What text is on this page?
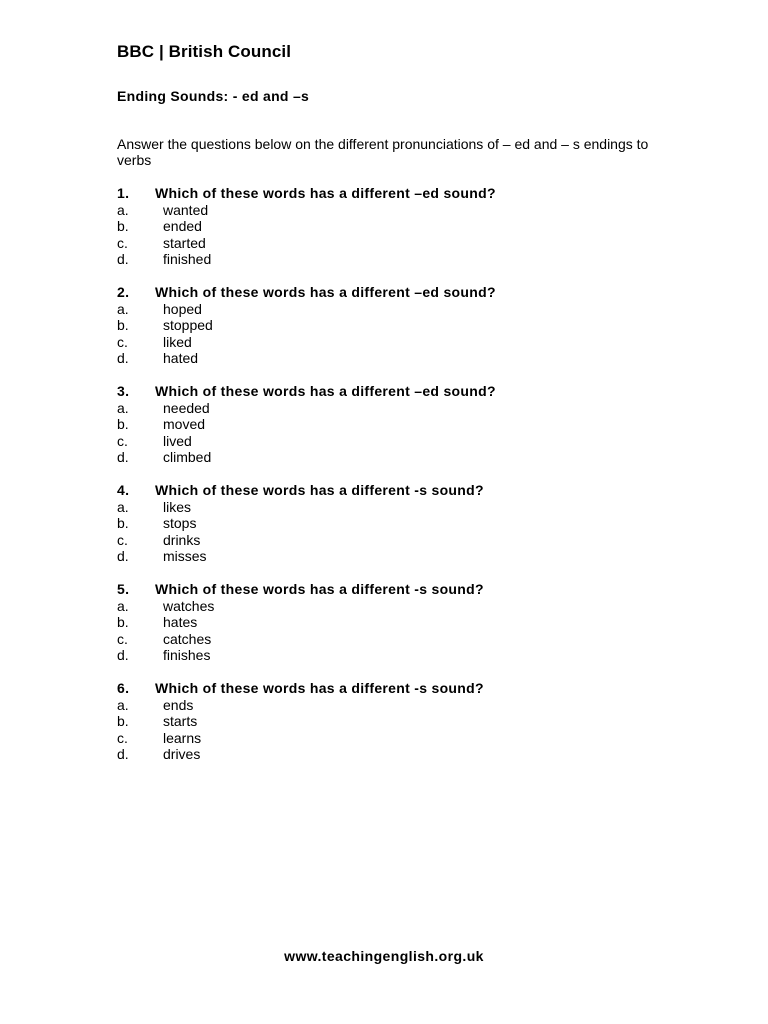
BBC | British Council
Ending Sounds: - ed and –s
Answer the questions below on the different pronunciations of – ed and – s endings to verbs
1. Which of these words has a different –ed sound?
a. wanted
b. ended
c.	started
d. finished
2. Which of these words has a different –ed sound?
a. hoped
b. stopped
c.	liked
d. hated
3. Which of these words has a different –ed sound?
a. needed
b. moved
c.	lived
d. climbed
4. Which of these words has a different -s sound?
a. likes
b. stops
c.	drinks
d. misses
5. Which of these words has a different -s sound?
a. watches
b. hates
c.	catches
d. finishes
6. Which of these words has a different -s sound?
a. ends
b. starts
c.	learns
d. drives
www.teachingenglish.org.uk
